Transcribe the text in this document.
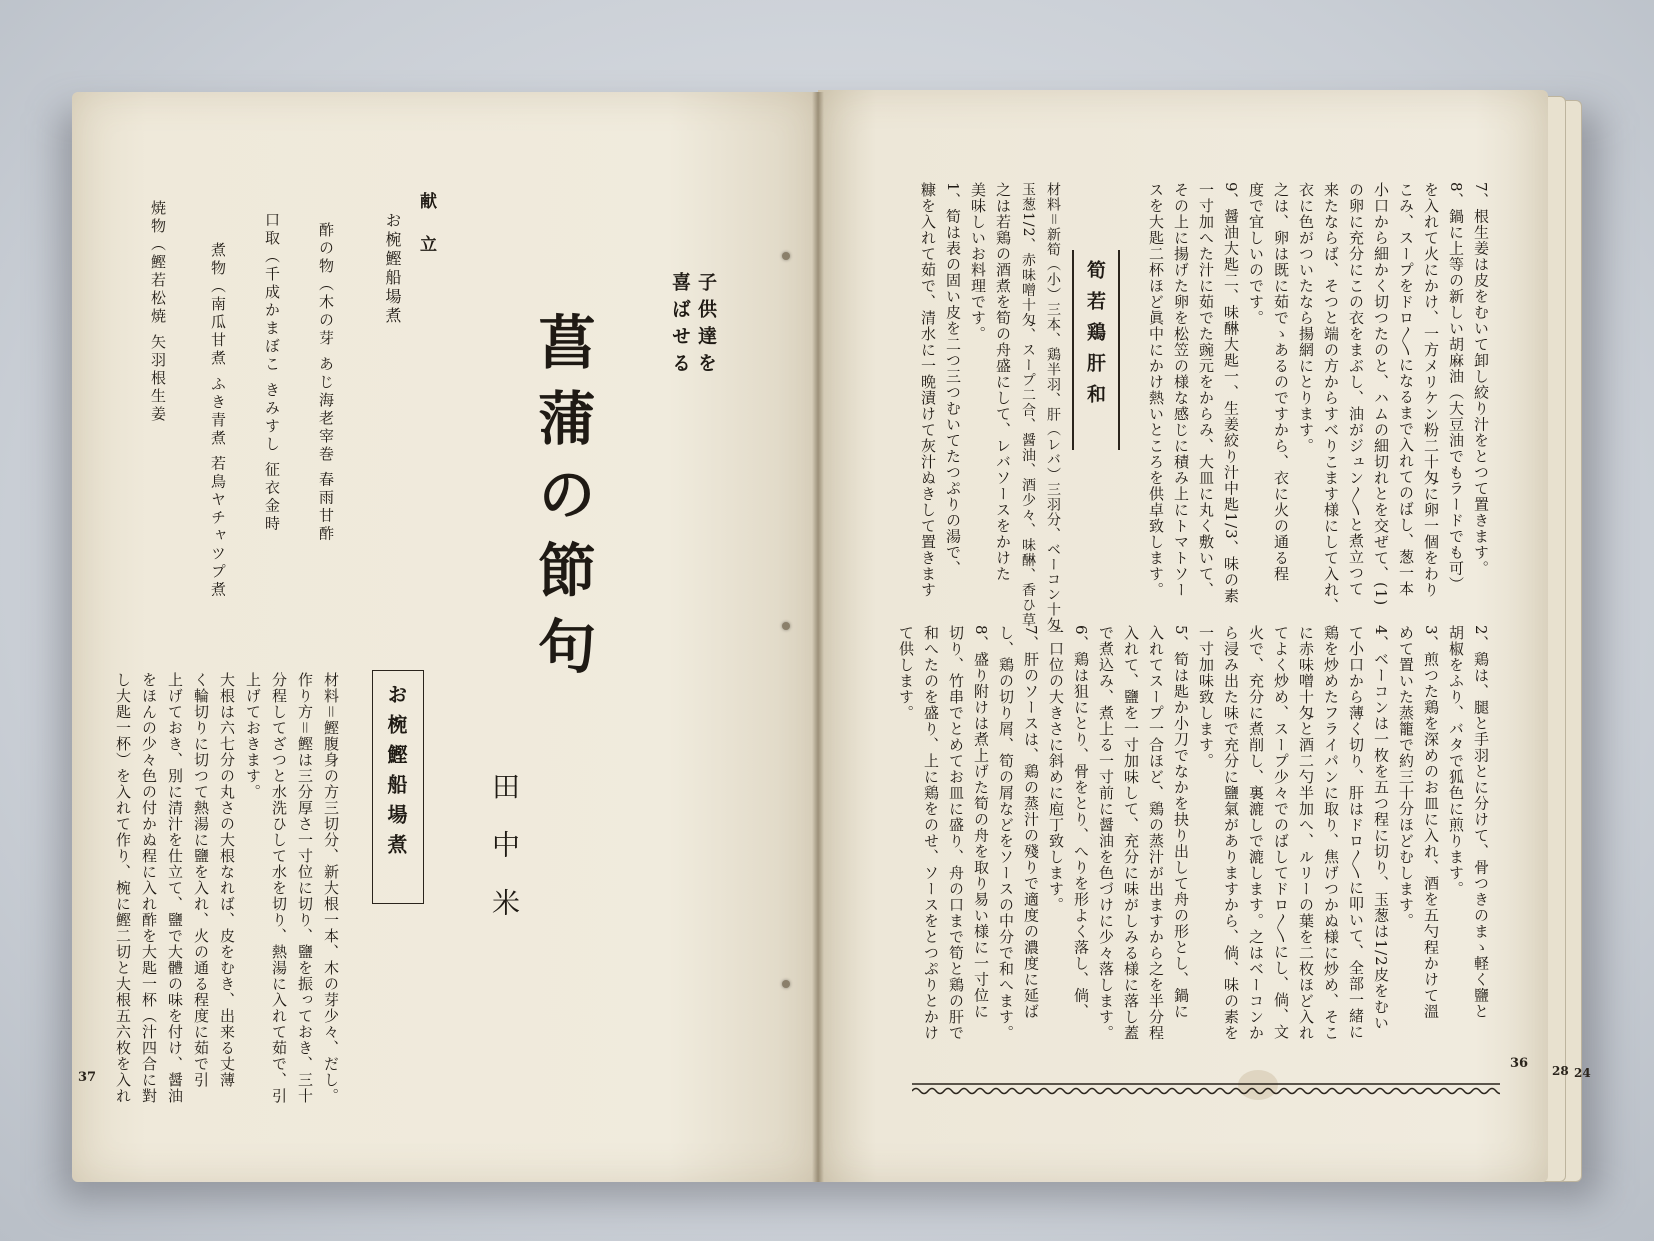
子供達を
喜ばせる
菖蒲の節句
田中米
献立
お椀鰹船場煮
酢の物（木の芽 あじ海老宰巻 春雨甘酢
口取（千成かまぼこ きみすし 征衣金時
煮物（南瓜甘煮 ふき青煮 若鳥ヤチャツプ煮
焼物（鰹若松焼 矢羽根生姜
お椀鰹船場煮
材料＝鰹腹身の方三切分、新大根一本、木の芽少々、だし。
作り方＝鰹は三分厚さ一寸位に切り、鹽を振っておき、三十
分程してざつと水洗ひして水を切り、熱湯に入れて茹で、引
上げておきます。
大根は六七分の丸さの大根なれば、皮をむき、出来る丈薄
く輪切りに切つて熱湯に鹽を入れ、火の通る程度に茹で引
上げておき、別に清汁を仕立て、鹽で大體の味を付け、醤油
をほんの少々色の付かぬ程に入れ酢を大匙一杯（汁四合に對
し大匙一杯）を入れて作り、椀に鰹二切と大根五六枚を入れ
37
7、根生姜は皮をむいて卸し絞り汁をとつて置きます。
8、鍋に上等の新しい胡麻油（大豆油でもラードでも可）
を入れて火にかけ、一方メリケン粉二十匁に卵一個をわり
こみ、スープをドロ〳〵になるまで入れてのばし、葱一本
小口から細かく切つたのと、ハムの細切れとを交ぜて、(1)
の卵に充分にこの衣をまぶし、油がジュン〳〵と煮立つて
来たならば、そつと端の方からすべりこます様にして入れ、
衣に色がついたなら揚網にとります。
之は、卵は既に茹でゝあるのですから、衣に火の通る程
度で宜しいのです。
9、醤油大匙二、味醂大匙一、生姜絞り汁中匙1/3、味の素
一寸加へた汁に茹でた豌元をからみ、大皿に丸く敷いて、
その上に揚げた卵を松笠の様な感じに積み上にトマトソー
スを大匙二杯ほど眞中にかけ熱いところを供卓致します。
筍若鶏肝和
材料＝新筍（小）三本、鶏半羽、肝（レバ）三羽分、ベーコン十匁
玉葱1/2、赤味噌十匁、スープ二合、醤油、酒少々、味醂、香ひ草
之は若鶏の酒煮を筍の舟盛にして、レバソースをかけた
美味しいお料理です。
1、筍は表の固い皮を二つ三つむいてたつぷりの湯で、
糠を入れて茹で、清水に一晩漬けて灰汁ぬきして置きます
2、鶏は、腿と手羽とに分けて、骨つきのまゝ軽く鹽と
胡椒をふり、バタで狐色に煎ります。
3、煎つた鶏を深めのお皿に入れ、酒を五勺程かけて溫
めて置いた蒸籠で約三十分ほどむします。
4、ベーコンは一枚を五つ程に切り、玉葱は1/2皮をむい
て小口から薄く切り、肝はドロ〳〵に叩いて、全部一緒に
鶏を炒めたフライパンに取り、焦げつかぬ様に炒め、そこ
に赤味噌十匁と酒二勺半加へ、ルリーの葉を二枚ほど入れ
てよく炒め、スープ少々でのばしてドロ〳〵にし、倘、文
火で、充分に煮削し、裏漉しで漉します。之はベーコンか
ら浸み出た味で充分に鹽氣がありますから、倘、味の素を
一寸加味致します。
5、筍は匙か小刀でなかを抉り出して舟の形とし、鍋に
入れてスープ一合ほど、鶏の蒸汁が出ますから之を半分程
入れて、鹽を一寸加味して、充分に味がしみる様に落し蓋
で煮込み、煮上る一寸前に醤油を色づけに少々落します。
6、鶏は狙にとり、骨をとり、へりを形よく落し、倘、
一口位の大きさに斜めに庖丁致します。
7、肝のソースは、鶏の蒸汁の殘りで適度の濃度に延ば
し、鶏の切り屑、筍の屑などをソースの中分で和へます。
8、盛り附けは煮上げた筍の舟を取り易い様に一寸位に
切り、竹串でとめてお皿に盛り、舟の口まで筍と鶏の肝で
和へたのを盛り、上に鶏をのせ、ソースをとつぷりとかけ
て供します。
36 28 24
